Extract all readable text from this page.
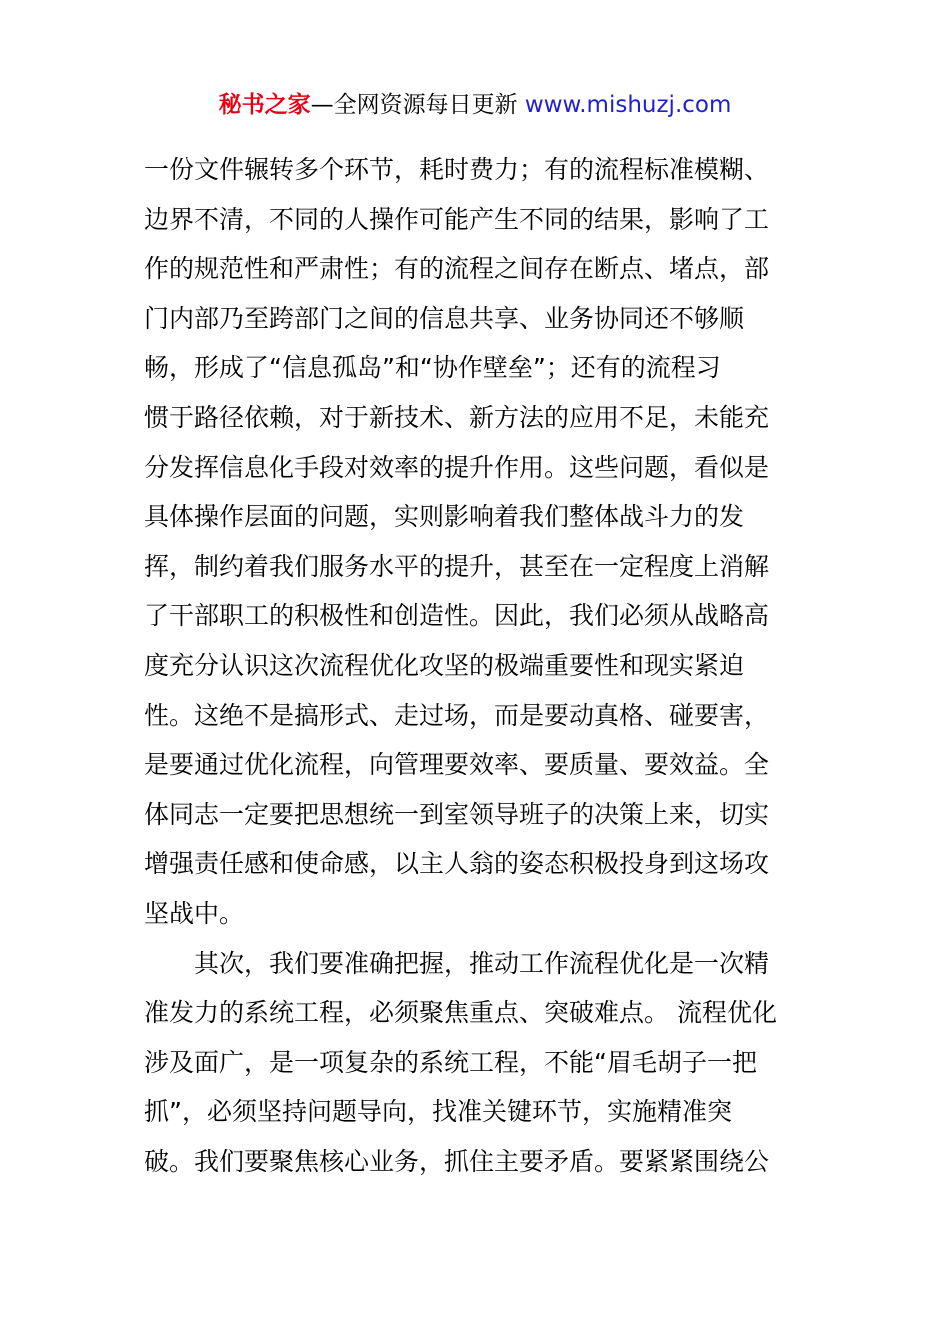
秘书之家—全网资源每日更新 www.mishuzj.com
一份文件辗转多个环节，耗时费力；有的流程标准模糊、
边界不清，不同的人操作可能产生不同的结果，影响了工
作的规范性和严肃性；有的流程之间存在断点、堵点，部
门内部乃至跨部门之间的信息共享、业务协同还不够顺
畅，形成了“信息孤岛”和“协作壁垒”；还有的流程习
惯于路径依赖，对于新技术、新方法的应用不足，未能充
分发挥信息化手段对效率的提升作用。这些问题，看似是
具体操作层面的问题，实则影响着我们整体战斗力的发
挥，制约着我们服务水平的提升，甚至在一定程度上消解
了干部职工的积极性和创造性。因此，我们必须从战略高
度充分认识这次流程优化攻坚的极端重要性和现实紧迫
性。这绝不是搞形式、走过场，而是要动真格、碰要害，
是要通过优化流程，向管理要效率、要质量、要效益。全
体同志一定要把思想统一到室领导班子的决策上来，切实
增强责任感和使命感，以主人翁的姿态积极投身到这场攻
坚战中。
其次，我们要准确把握，推动工作流程优化是一次精
准发力的系统工程，必须聚焦重点、突破难点。 流程优化
涉及面广，是一项复杂的系统工程，不能“眉毛胡子一把
抓”，必须坚持问题导向，找准关键环节，实施精准突
破。我们要聚焦核心业务，抓住主要矛盾。要紧紧围绕公
